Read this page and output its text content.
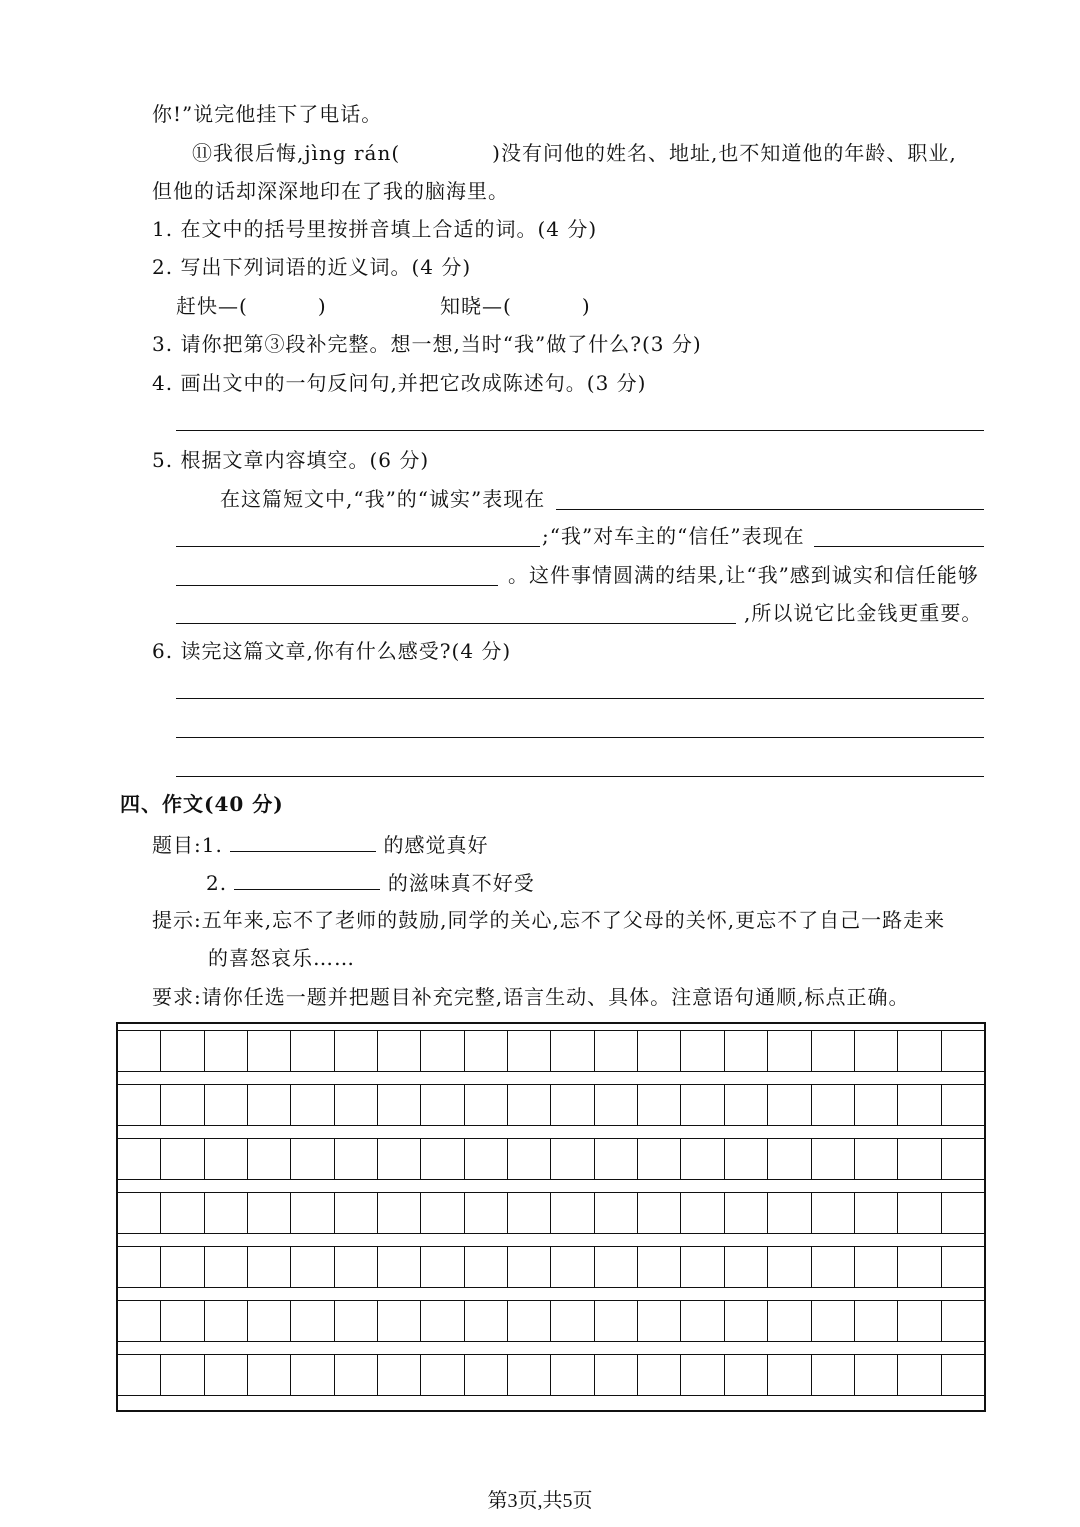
你!”说完他挂下了电话。
⑪我很后悔,jìng rán(	)没有问他的姓名、地址,也不知道他的年龄、职业,
但他的话却深深地印在了我的脑海里。
1. 在文中的括号里按拼音填上合适的词。(4 分)
2. 写出下列词语的近义词。(4 分)
赶快—(	)	知晓—(	)
3. 请你把第③段补完整。想一想,当时“我”做了什么?(3 分)
4. 画出文中的一句反问句,并把它改成陈述句。(3 分)
5. 根据文章内容填空。(6 分)
在这篇短文中,“我”的“诚实”表现在
;“我”对车主的“信任”表现在
。这件事情圆满的结果,让“我”感到诚实和信任能够
,所以说它比金钱更重要。
6. 读完这篇文章,你有什么感受?(4 分)
四、作文(40 分)
题目:1.	的感觉真好
2.	的滋味真不好受
提示:五年来,忘不了老师的鼓励,同学的关心,忘不了父母的关怀,更忘不了自己一路走来
的喜怒哀乐……
要求:请你任选一题并把题目补充完整,语言生动、具体。注意语句通顺,标点正确。
第3页,共5页
